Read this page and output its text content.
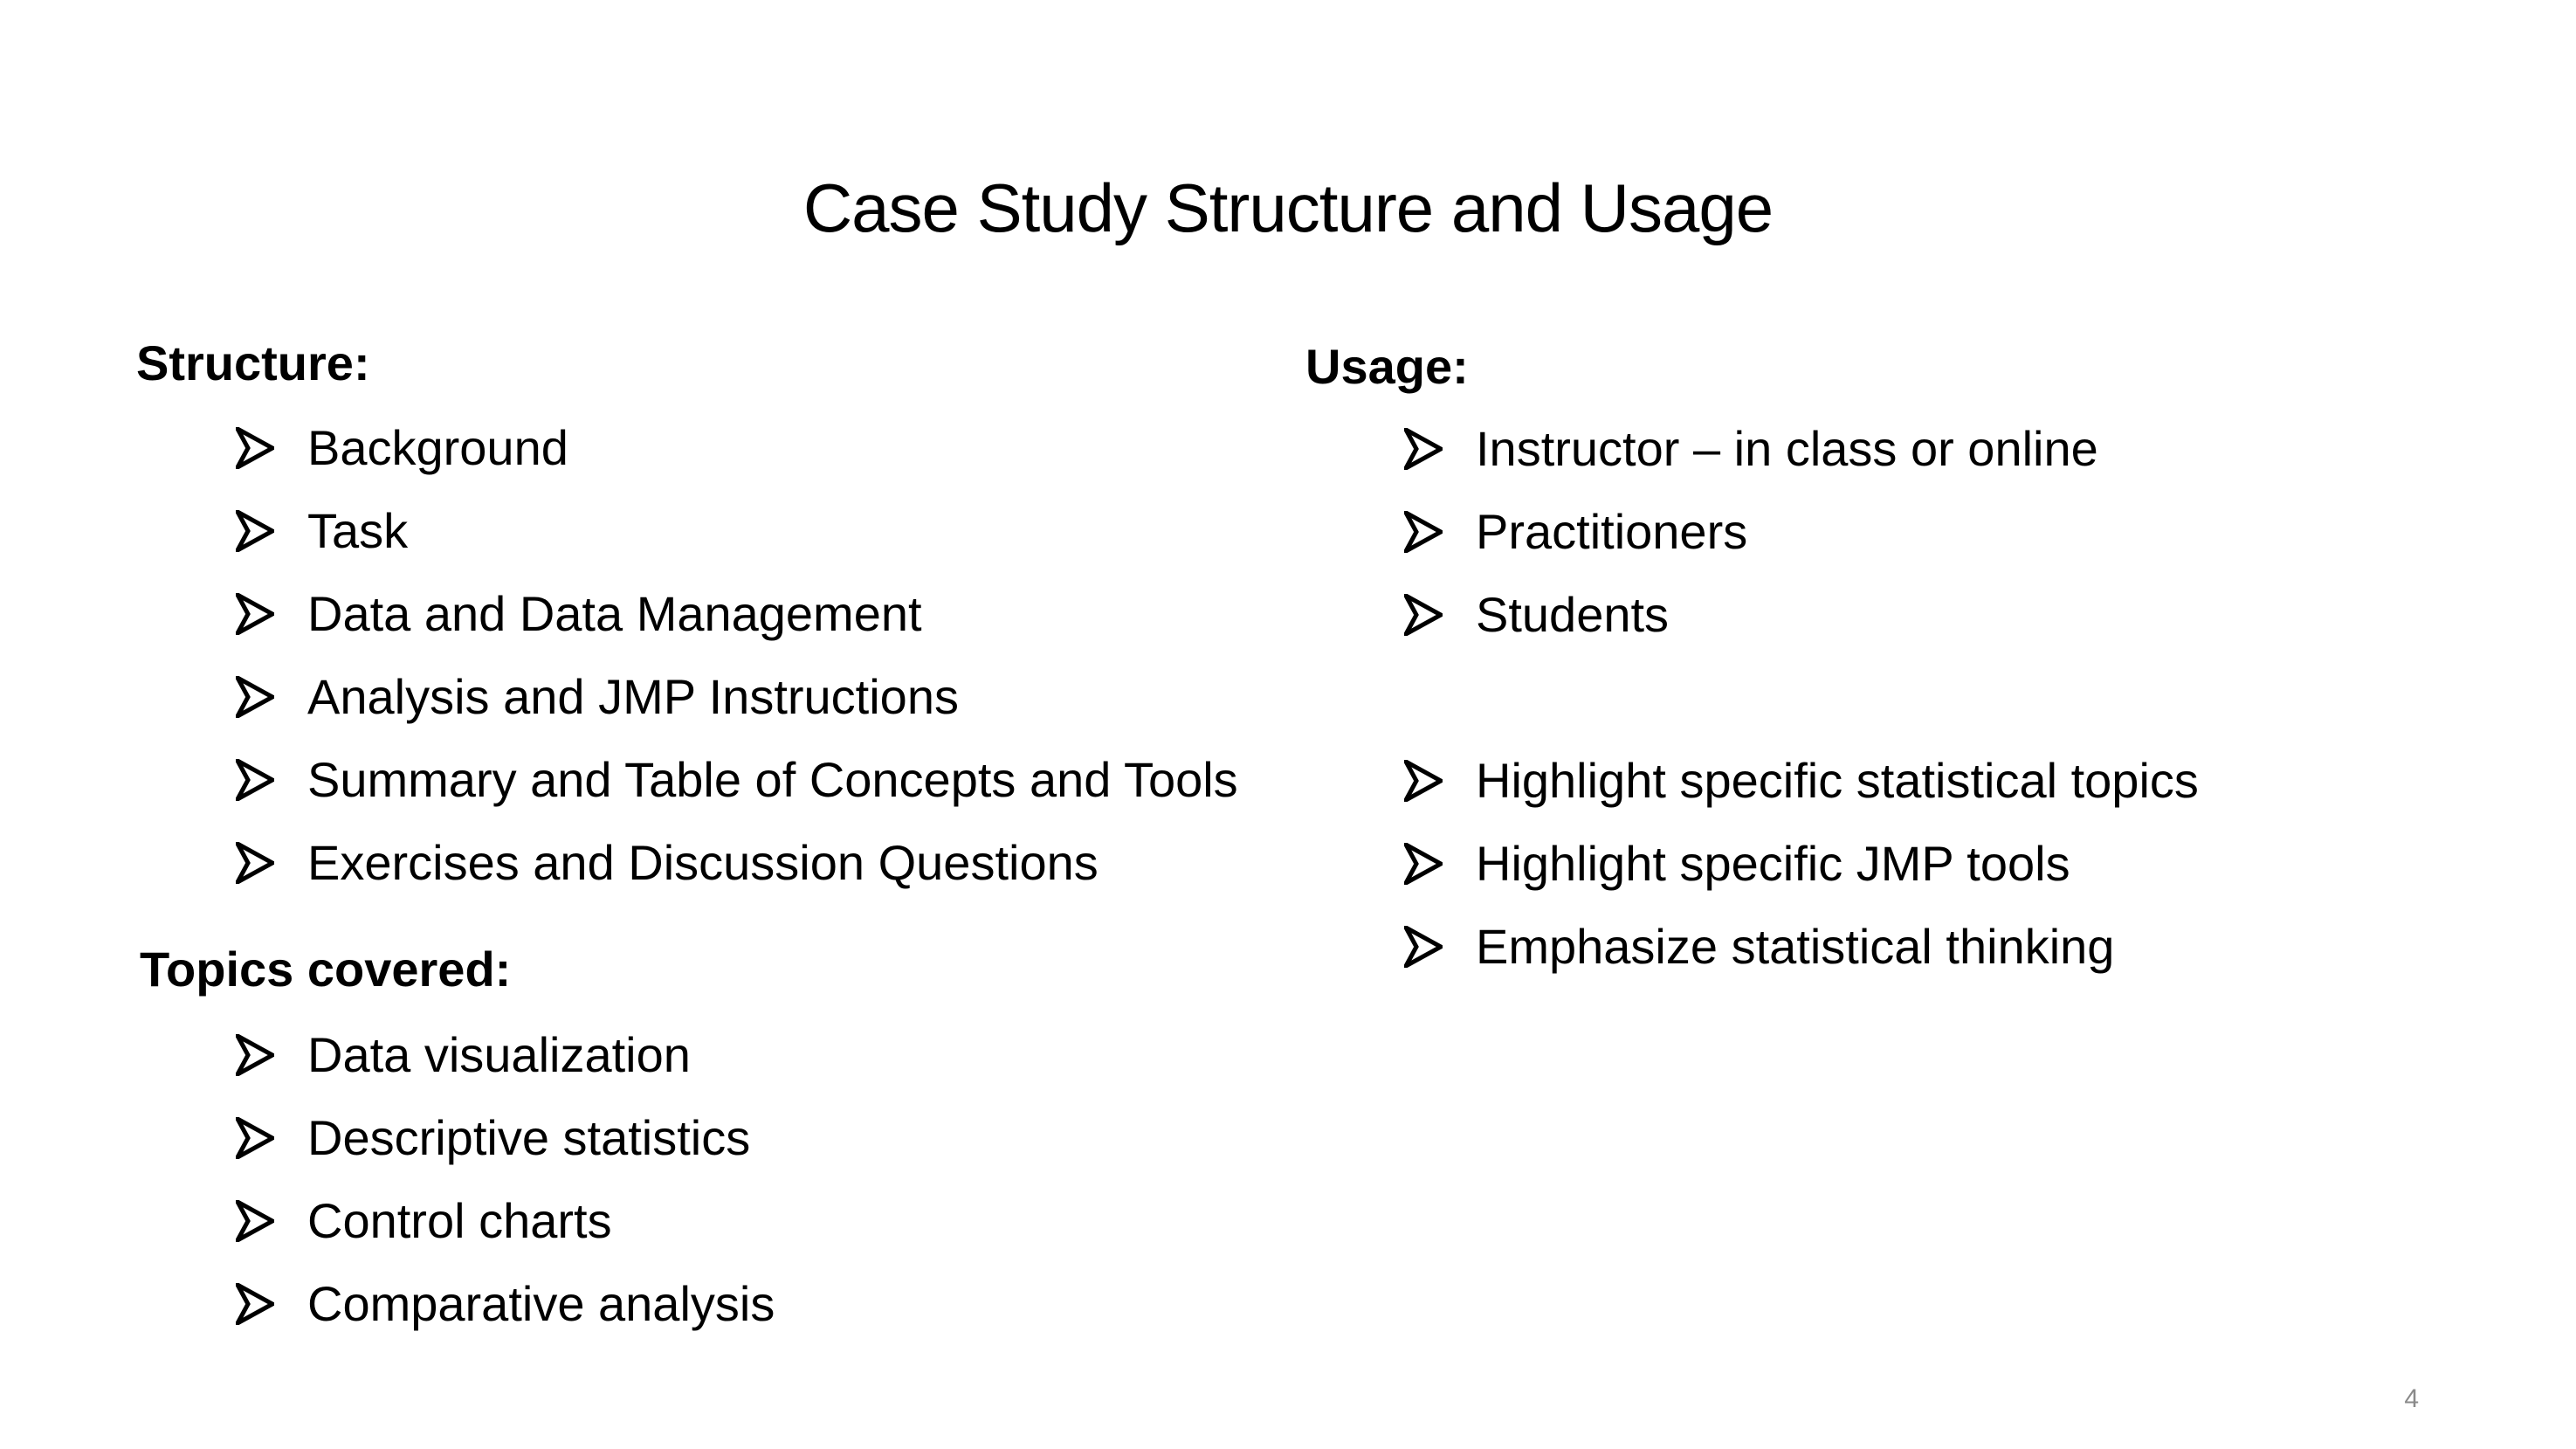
Case Study Structure and Usage
Structure:
Background
Task
Data and Data Management
Analysis and JMP Instructions
Summary and Table of Concepts and Tools
Exercises and Discussion Questions
Topics covered:
Data visualization
Descriptive statistics
Control charts
Comparative analysis
Usage:
Instructor – in class or online
Practitioners
Students
Highlight specific statistical topics
Highlight specific JMP tools
Emphasize statistical thinking
4
